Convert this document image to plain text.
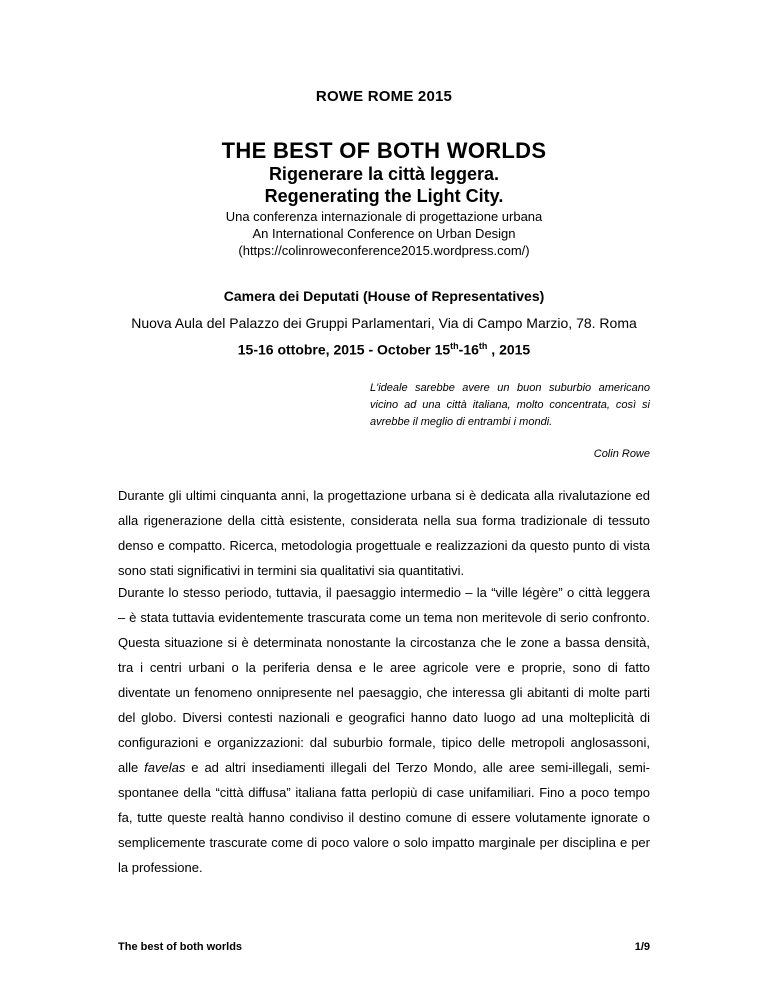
ROWE ROME 2015
THE BEST OF BOTH WORLDS
Rigenerare la città leggera.
Regenerating the Light City.
Una conferenza internazionale di progettazione urbana
An International Conference on Urban Design
(https://colinroweconference2015.wordpress.com/)
Camera dei Deputati (House of Representatives)
Nuova Aula del Palazzo dei Gruppi Parlamentari, Via di Campo Marzio, 78. Roma
15-16 ottobre, 2015 - October 15th-16th , 2015
L'ideale sarebbe avere un buon suburbio americano vicino ad una città italiana, molto concentrata, così si avrebbe il meglio di entrambi i mondi.
Colin Rowe

Durante gli ultimi cinquanta anni, la progettazione urbana si è dedicata alla rivalutazione ed alla rigenerazione della città esistente, considerata nella sua forma tradizionale di tessuto denso e compatto. Ricerca, metodologia progettuale e realizzazioni da questo punto di vista sono stati significativi in termini sia qualitativi sia quantitativi.

Durante lo stesso periodo, tuttavia, il paesaggio intermedio – la “ville légère” o città leggera – è stata tuttavia evidentemente trascurata come un tema non meritevole di serio confronto. Questa situazione si è determinata nonostante la circostanza che le zone a bassa densità, tra i centri urbani o la periferia densa e le aree agricole vere e proprie, sono di fatto diventate un fenomeno onnipresente nel paesaggio, che interessa gli abitanti di molte parti del globo. Diversi contesti nazionali e geografici hanno dato luogo ad una molteplicità di configurazioni e organizzazioni: dal suburbio formale, tipico delle metropoli anglosassoni, alle favelas e ad altri insediamenti illegali del Terzo Mondo, alle aree semi-illegali, semi-spontanee della “città diffusa” italiana fatta perlopiù di case unifamiliari. Fino a poco tempo fa, tutte queste realtà hanno condiviso il destino comune di essere volutamente ignorate o semplicemente trascurate come di poco valore o solo impatto marginale per disciplina e per la professione.

The best of both worlds	1/9
